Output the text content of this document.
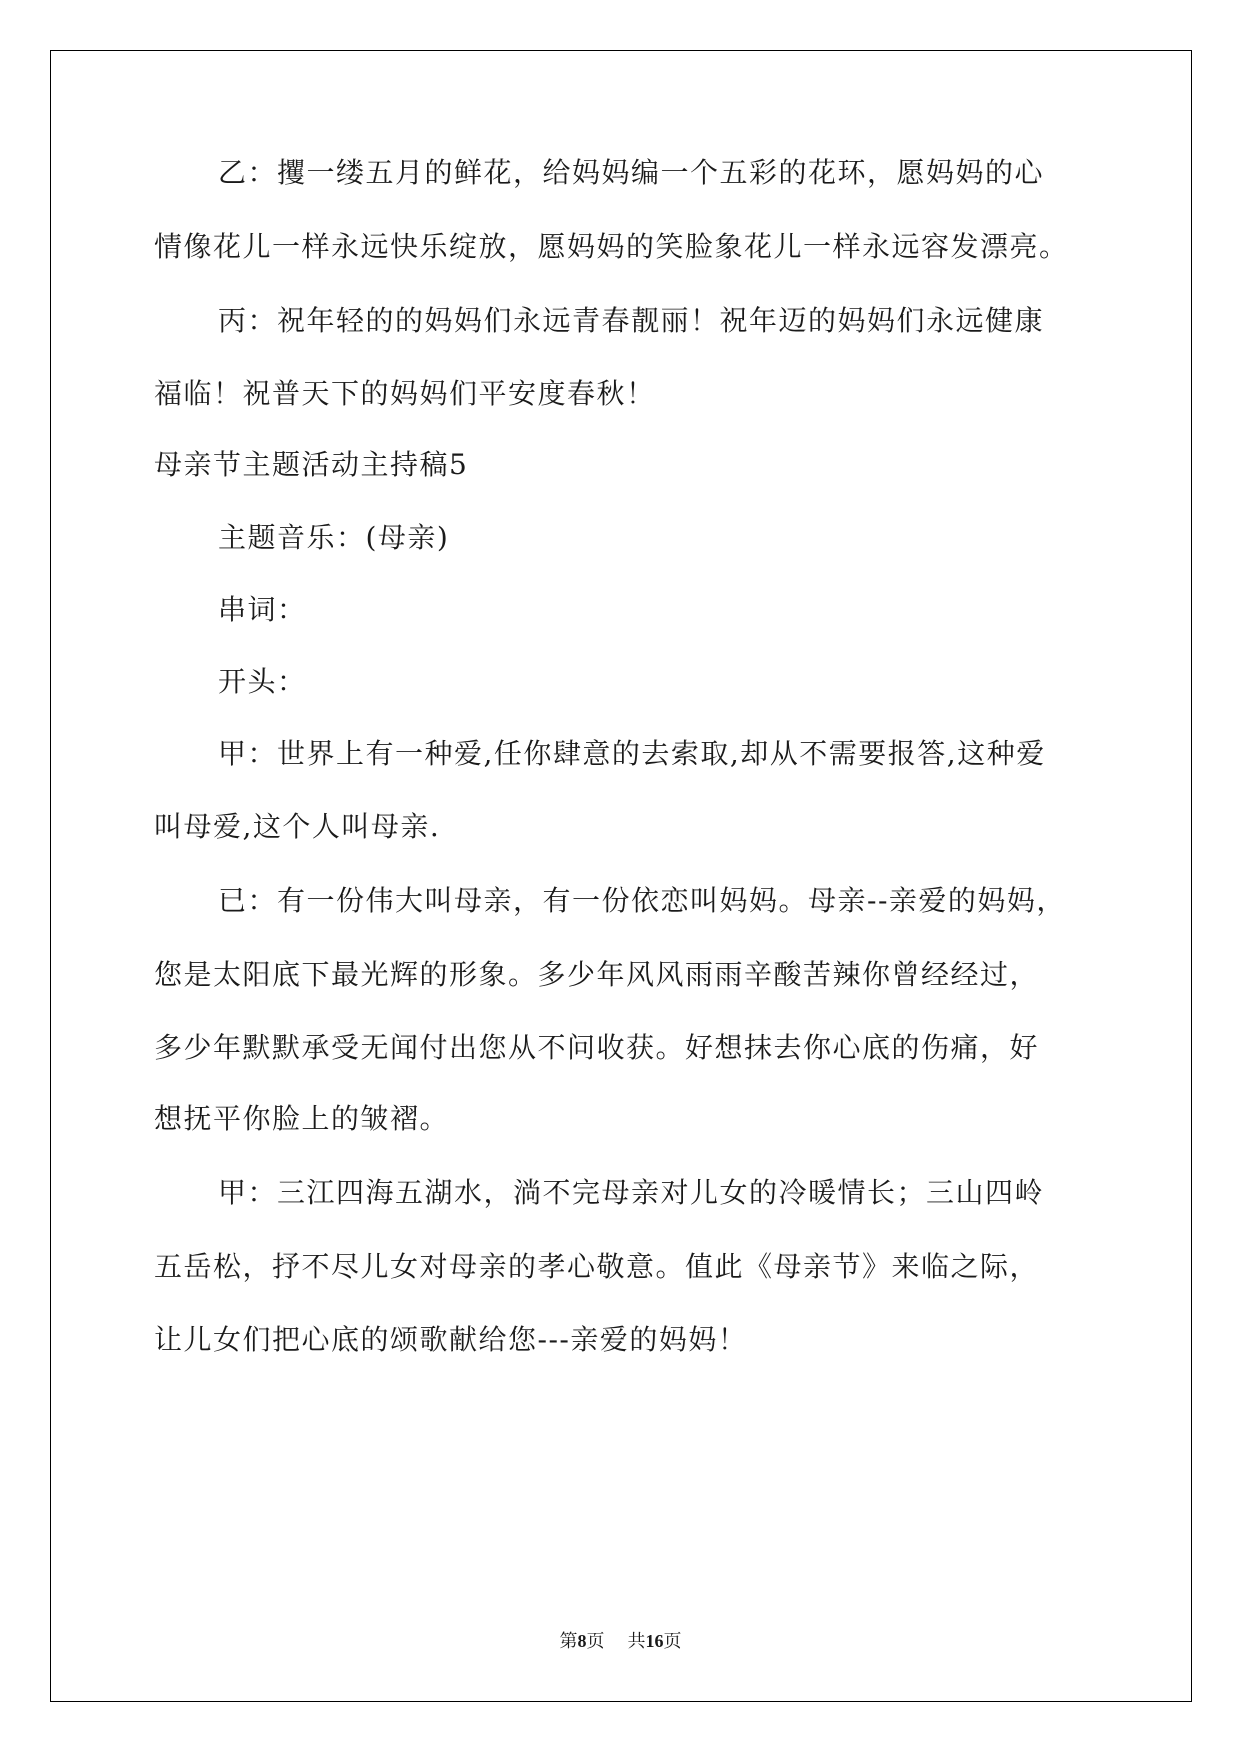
乙：攫一缕五月的鲜花，给妈妈编一个五彩的花环，愿妈妈的心
情像花儿一样永远快乐绽放，愿妈妈的笑脸象花儿一样永远容发漂亮。
丙：祝年轻的的妈妈们永远青春靓丽！祝年迈的妈妈们永远健康
福临！祝普天下的妈妈们平安度春秋！
母亲节主题活动主持稿5
主题音乐：(母亲)
串词：
开头：
甲：世界上有一种爱,任你肆意的去索取,却从不需要报答,这种爱
叫母爱,这个人叫母亲.
已：有一份伟大叫母亲，有一份依恋叫妈妈。母亲--亲爱的妈妈，
您是太阳底下最光辉的形象。多少年风风雨雨辛酸苦辣你曾经经过，
多少年默默承受无闻付出您从不问收获。好想抹去你心底的伤痛，好
想抚平你脸上的皱褶。
甲：三江四海五湖水，淌不完母亲对儿女的冷暖情长；三山四岭
五岳松，抒不尽儿女对母亲的孝心敬意。值此《母亲节》来临之际，
让儿女们把心底的颂歌献给您---亲爱的妈妈！
第8页 共16页
